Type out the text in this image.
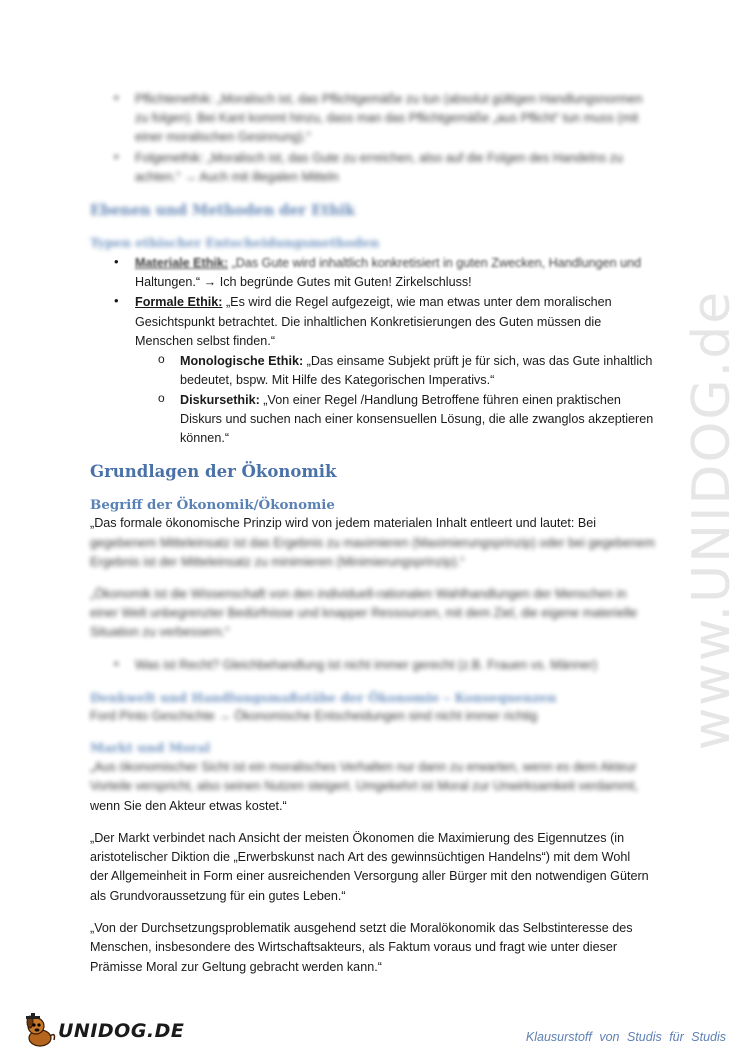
www.UNIDOG.de
• Pflichtenethik: „Moralisch ist, das Pflichtgemäße zu tun (absolut gültigen Handlungsnormen
zu folgen). Bei Kant kommt hinzu, dass man das Pflichtgemäße „aus Pflicht“ tun muss (mit
einer moralischen Gesinnung).“
• Folgenethik: „Moralisch ist, das Gute zu erreichen, also auf die Folgen des Handelns zu
achten.“ → Auch mit illegalen Mitteln
Ebenen und Methoden der Ethik
Typen ethischer Entscheidungsmethoden
• Materiale Ethik: „Das Gute wird inhaltlich konkretisiert in guten Zwecken, Handlungen und
Haltungen.“ → Ich begründe Gutes mit Guten! Zirkelschluss!
• Formale Ethik: „Es wird die Regel aufgezeigt, wie man etwas unter dem moralischen
Gesichtspunkt betrachtet. Die inhaltlichen Konkretisierungen des Guten müssen die
Menschen selbst finden.“
o Monologische Ethik: „Das einsame Subjekt prüft je für sich, was das Gute inhaltlich
bedeutet, bspw. Mit Hilfe des Kategorischen Imperativs.“
o Diskursethik: „Von einer Regel /Handlung Betroffene führen einen praktischen
Diskurs und suchen nach einer konsensuellen Lösung, die alle zwanglos akzeptieren
können.“
Grundlagen der Ökonomik
Begriff der Ökonomik/Ökonomie
„Das formale ökonomische Prinzip wird von jedem materialen Inhalt entleert und lautet: Bei
gegebenem Mitteleinsatz ist das Ergebnis zu maximieren (Maximierungsprinzip) oder bei gegebenem
Ergebnis ist der Mitteleinsatz zu minimieren (Minimierungsprinzip).“
„Ökonomik ist die Wissenschaft von den individuell-rationalen Wahlhandlungen der Menschen in
einer Welt unbegrenzter Bedürfnisse und knapper Ressourcen, mit dem Ziel, die eigene materielle
Situation zu verbessern.“
• Was ist Recht? Gleichbehandlung ist nicht immer gerecht (z.B. Frauen vs. Männer)
Denkwelt und Handlungsmaßstäbe der Ökonomie – Konsequenzen
Ford Pinto Geschichte → Ökonomische Entscheidungen sind nicht immer richtig
Markt und Moral
„Aus ökonomischer Sicht ist ein moralisches Verhalten nur dann zu erwarten, wenn es dem Akteur
Vorteile verspricht, also seinen Nutzen steigert. Umgekehrt ist Moral zur Unwirksamkeit verdammt,
wenn Sie den Akteur etwas kostet.“
„Der Markt verbindet nach Ansicht der meisten Ökonomen die Maximierung des Eigennutzes (in
aristotelischer Diktion die „Erwerbskunst nach Art des gewinnsüchtigen Handelns“) mit dem Wohl
der Allgemeinheit in Form einer ausreichenden Versorgung aller Bürger mit den notwendigen Gütern
als Grundvoraussetzung für ein gutes Leben.“
„Von der Durchsetzungsproblematik ausgehend setzt die Moralökonomik das Selbstinteresse des
Menschen, insbesondere des Wirtschaftsakteurs, als Faktum voraus und fragt wie unter dieser
Prämisse Moral zur Geltung gebracht werden kann.“
UNIDOG.DE	Klausurstoff von Studis für Studis
